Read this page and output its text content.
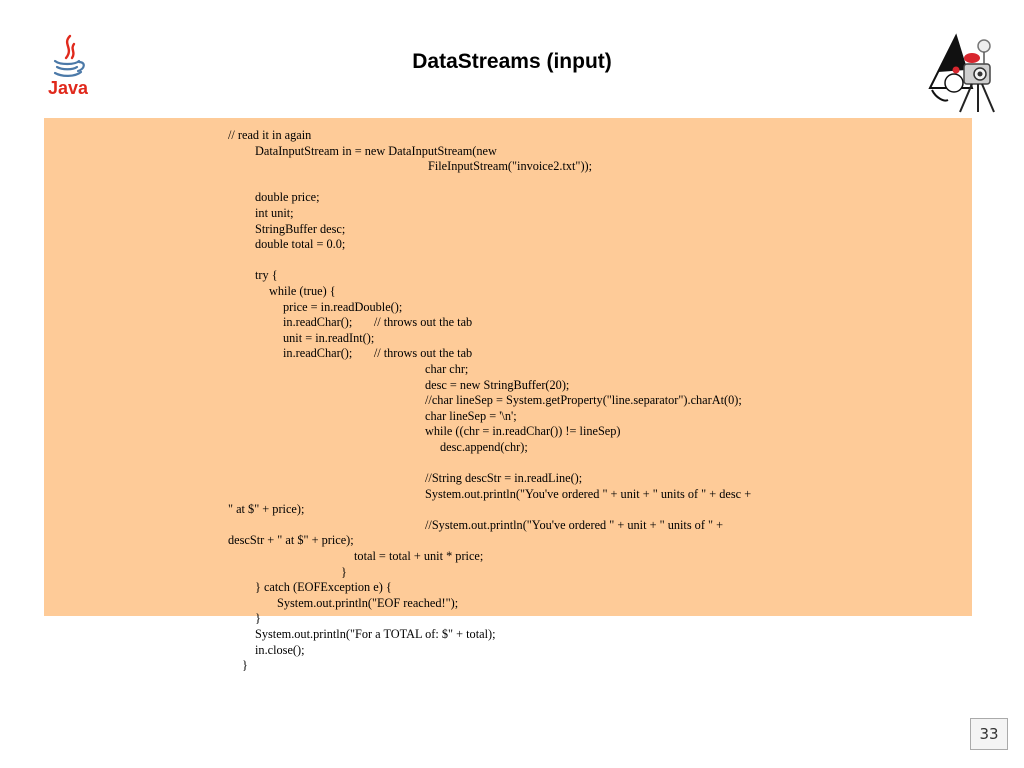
Java
DataStreams (input)
// read it in again
DataInputStream in = new DataInputStream(new
FileInputStream("invoice2.txt"));
double price;
int unit;
StringBuffer desc;
double total = 0.0;
try {
while (true) {
price = in.readDouble();
in.readChar();       // throws out the tab
unit = in.readInt();
in.readChar();       // throws out the tab
char chr;
desc = new StringBuffer(20);
//char lineSep = System.getProperty("line.separator").charAt(0);
char lineSep = '\n';
while ((chr = in.readChar()) != lineSep)
desc.append(chr);
//String descStr = in.readLine();
System.out.println("You've ordered " + unit + " units of " + desc +
" at $" + price);
//System.out.println("You've ordered " + unit + " units of " +
descStr + " at $" + price);
total = total + unit * price;
}
} catch (EOFException e) {
System.out.println("EOF reached!");
}
System.out.println("For a TOTAL of: $" + total);
in.close();
}
33
